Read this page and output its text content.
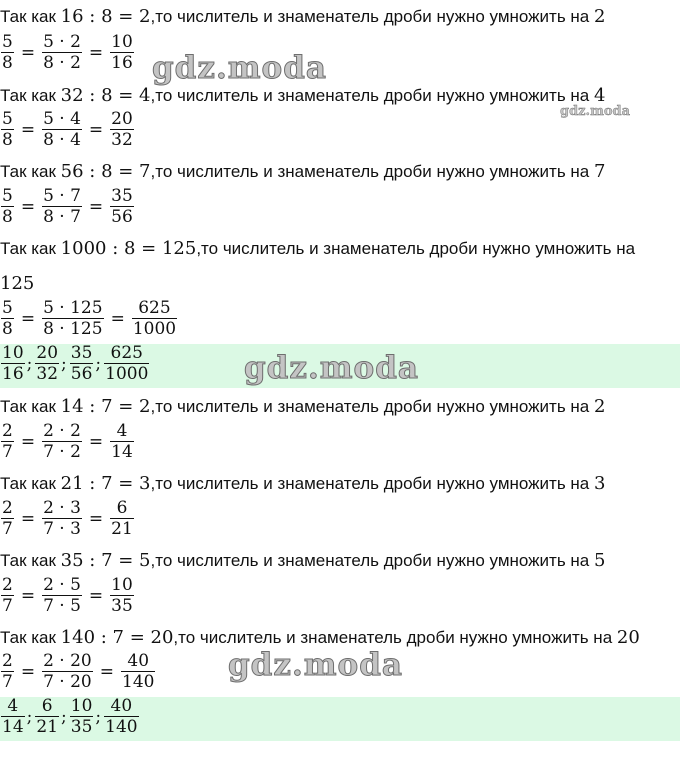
Так как 16 : 8 = 2,то числитель и знаменатель дроби нужно умножить на 2
$\frac{5}{8} = \frac{5 \cdot 2}{8 \cdot 2} = \frac{10}{16}$
Так как 32 : 8 = 4,то числитель и знаменатель дроби нужно умножить на 4
$\frac{5}{8} = \frac{5 \cdot 4}{8 \cdot 4} = \frac{20}{32}$
Так как 56 : 8 = 7,то числитель и знаменатель дроби нужно умножить на 7
$\frac{5}{8} = \frac{5 \cdot 7}{8 \cdot 7} = \frac{35}{56}$
Так как 1000 : 8 = 125,то числитель и знаменатель дроби нужно умножить на
125
$\frac{5}{8} = \frac{5 \cdot 125}{8 \cdot 125} = \frac{625}{1000}$
$\frac{10}{16}$ ; $\frac{20}{32}$ ; $\frac{35}{56}$ ; $\frac{625}{1000}$
Так как 14 : 7 = 2,то числитель и знаменатель дроби нужно умножить на 2
$\frac{2}{7} = \frac{2 \cdot 2}{7 \cdot 2} = \frac{4}{14}$
Так как 21 : 7 = 3,то числитель и знаменатель дроби нужно умножить на 3
$\frac{2}{7} = \frac{2 \cdot 3}{7 \cdot 3} = \frac{6}{21}$
Так как 35 : 7 = 5,то числитель и знаменатель дроби нужно умножить на 5
$\frac{2}{7} = \frac{2 \cdot 5}{7 \cdot 5} = \frac{10}{35}$
Так как 140 : 7 = 20,то числитель и знаменатель дроби нужно умножить на 20
$\frac{2}{7} = \frac{2 \cdot 20}{7 \cdot 20} = \frac{40}{140}$
$\frac{4}{14}$ ; $\frac{6}{21}$ ; $\frac{10}{35}$ ; $\frac{40}{140}$
gdz.moda
gdz.moda
gdz.moda
gdz.moda
